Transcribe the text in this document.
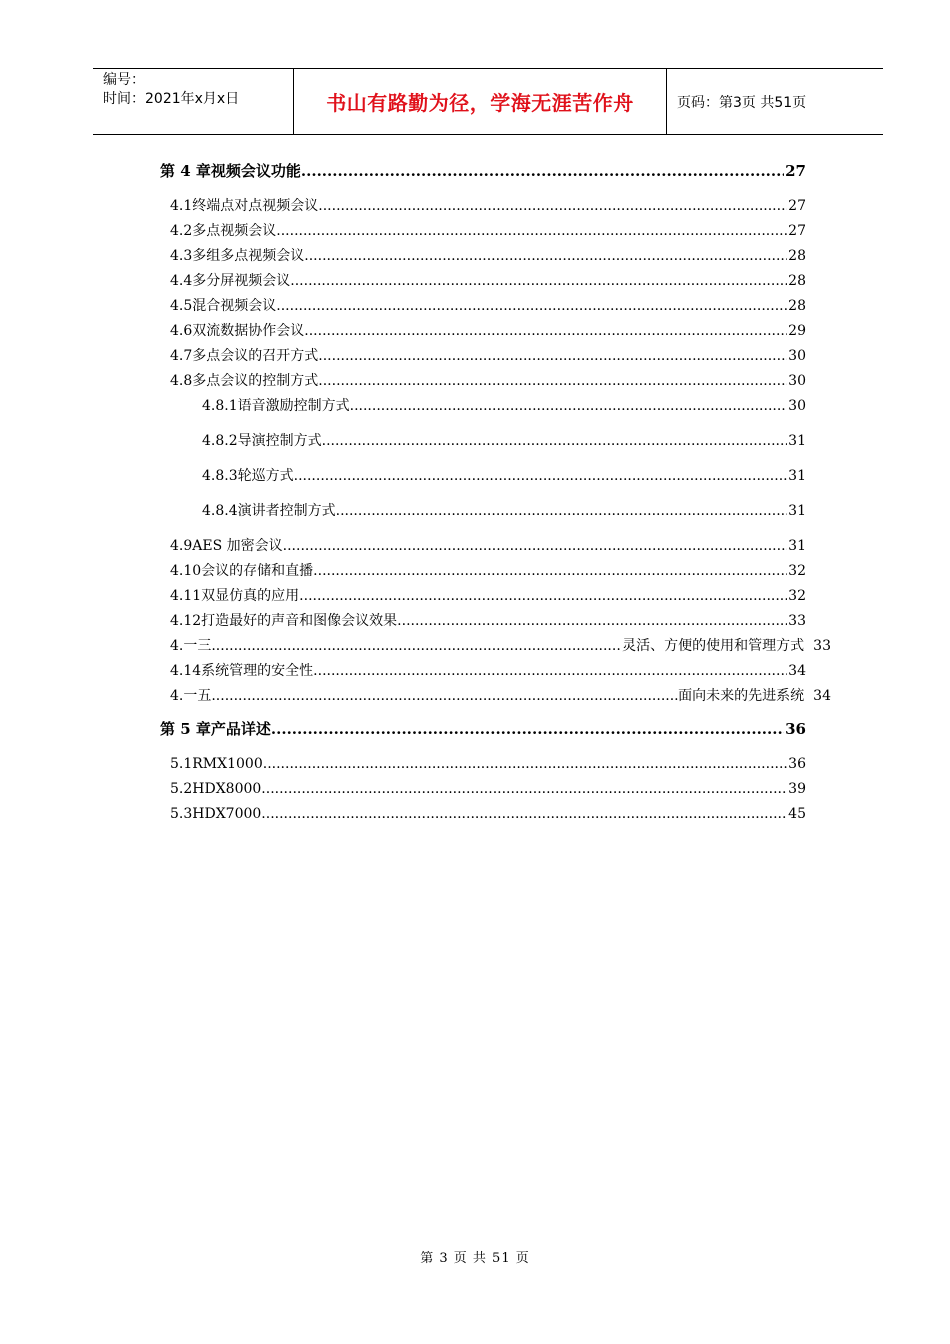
编号：
时间：2021年x月x日	书山有路勤为径，学海无涯苦作舟	页码：第3页 共51页
第 4 章 视频会议功能 .....	27
4.1 终端点对点视频会议 .....	27
4.2 多点视频会议 .....	27
4.3 多组多点视频会议 .....	28
4.4 多分屏视频会议 .....	28
4.5 混合视频会议 .....	28
4.6 双流数据协作会议 .....	29
4.7 多点会议的召开方式 .....	30
4.8 多点会议的控制方式 .....	30
4.8.1 语音激励控制方式 .....	30
4.8.2 导演控制方式 .....	31
4.8.3 轮巡方式 .....	31
4.8.4 演讲者控制方式 .....	31
4.9 AES 加密会议 .....	31
4.10 会议的存储和直播 .....	32
4.11 双显仿真的应用 .....	32
4.12 打造最好的声音和图像会议效果 .....	33
4.一三 .....	灵活、方便的使用和管理方式 33
4.14 系统管理的安全性 .....	34
4.一五 .....	面向未来的先进系统 34
第 5 章 产品详述 .....	36
5.1 RMX1000 .....	36
5.2 HDX8000 .....	39
5.3 HDX7000 .....	45
第 3 页 共 51 页
